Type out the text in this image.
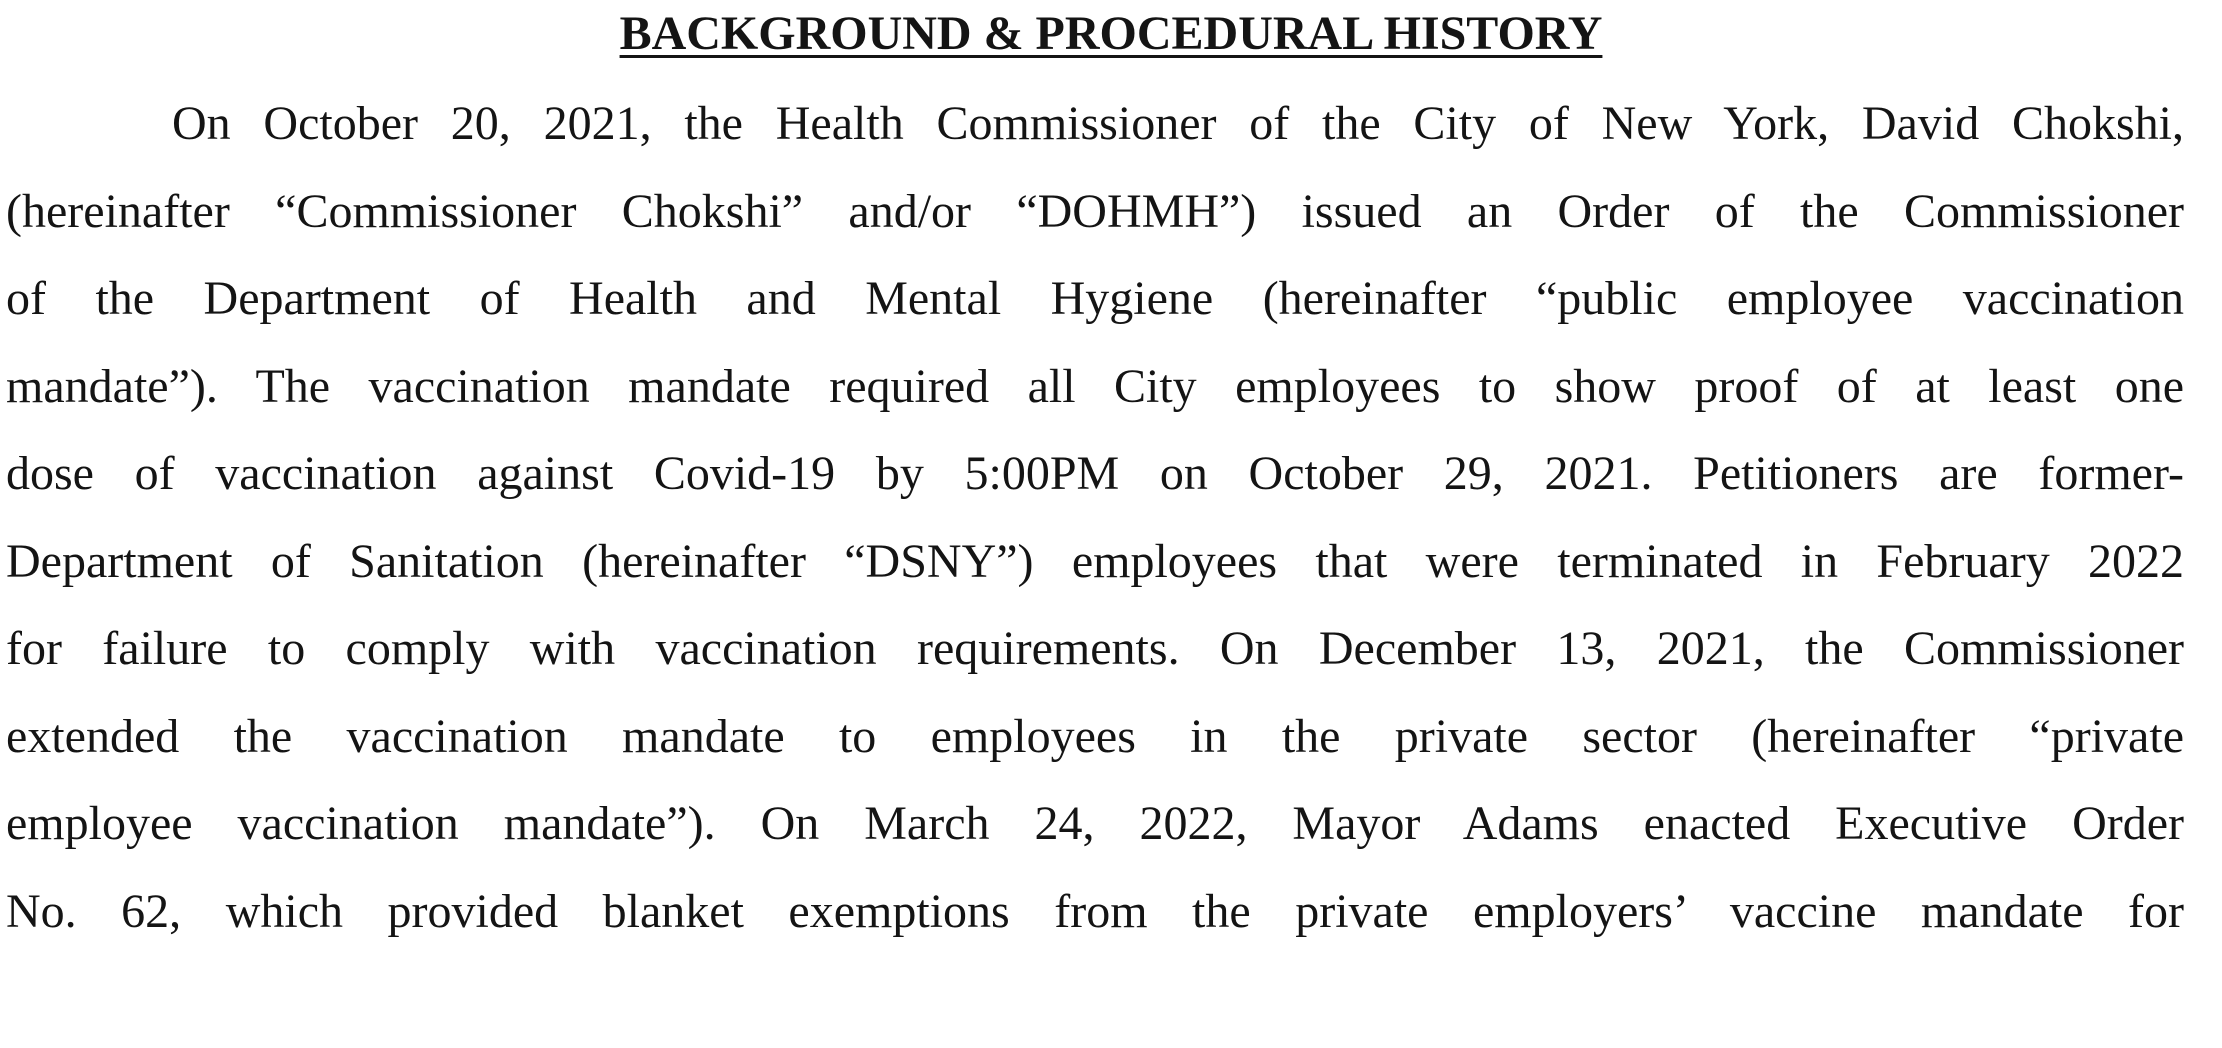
BACKGROUND & PROCEDURAL HISTORY
On October 20, 2021, the Health Commissioner of the City of New York, David Chokshi,
(hereinafter “Commissioner Chokshi” and/or “DOHMH”) issued an Order of the Commissioner
of the Department of Health and Mental Hygiene (hereinafter “public employee vaccination
mandate”). The vaccination mandate required all City employees to show proof of at least one
dose of vaccination against Covid-19 by 5:00PM on October 29, 2021. Petitioners are former-
Department of Sanitation (hereinafter “DSNY”) employees that were terminated in February 2022
for failure to comply with vaccination requirements. On December 13, 2021, the Commissioner
extended the vaccination mandate to employees in the private sector (hereinafter “private
employee vaccination mandate”). On March 24, 2022, Mayor Adams enacted Executive Order
No. 62, which provided blanket exemptions from the private employers’ vaccine mandate for
